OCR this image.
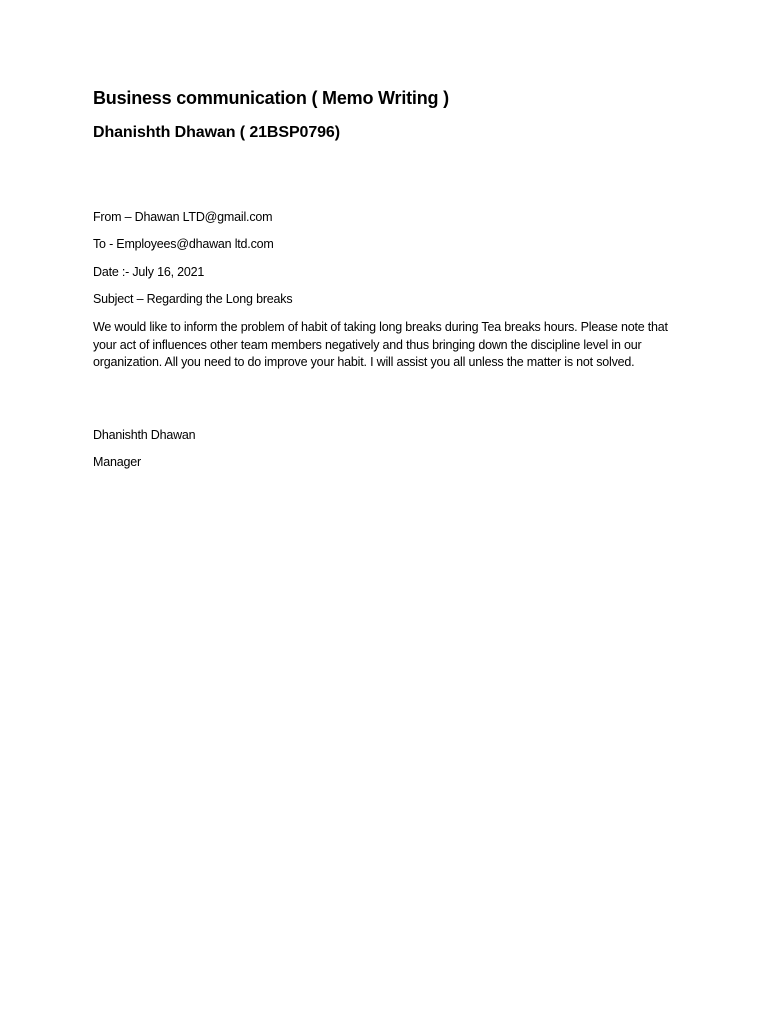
Business communication ( Memo Writing )
Dhanishth Dhawan ( 21BSP0796)
From – Dhawan LTD@gmail.com
To - Employees@dhawan ltd.com
Date :- July 16, 2021
Subject – Regarding the Long breaks
We would like to inform the problem of habit of taking long breaks during Tea breaks hours. Please note that your act of influences other team members negatively and thus bringing down the discipline level in our organization. All you need to do improve your habit. I will assist you all unless the matter is not solved.
Dhanishth Dhawan
Manager
